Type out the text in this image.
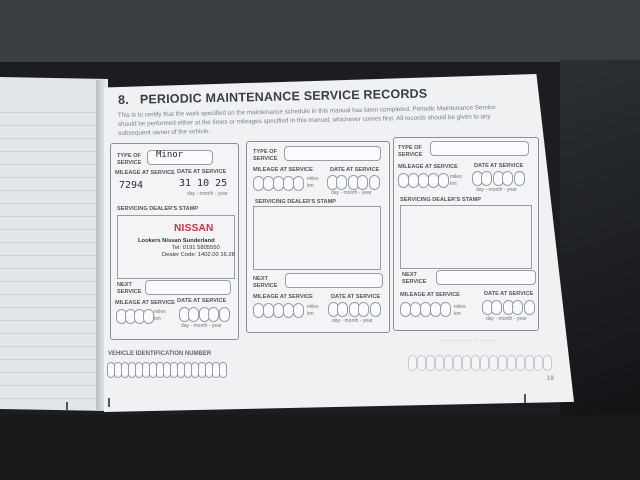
8. PERIODIC MAINTENANCE SERVICE RECORDS
This is to certify that the work specified on the maintenance schedule in this manual has been completed. Periodic Maintenance Service should be performed either at the times or mileages specified in this manual, whichever comes first. All records should be given to any subsequent owner of the vehicle.
TYPE OF SERVICE
Minor
MILEAGE AT SERVICE DATE AT SERVICE
7294	31 10 25
day - month - year
SERVICING DEALER'S STAMP
NISSAN
Lookers Nissan Sunderland
Tel: 0191 5805550
Dealer Code: 1402.00 16.28
NEXT SERVICE
MILEAGE AT SERVICE DATE AT SERVICE
miles
km
day - month - year
TYPE OF SERVICE
MILEAGE AT SERVICE	DATE AT SERVICE
miles
km
day - month - year
SERVICING DEALER'S STAMP
NEXT SERVICE
MILEAGE AT SERVICE	DATE AT SERVICE
miles
km
day - month - year
TYPE OF SERVICE
MILEAGE AT SERVICE	DATE AT SERVICE
miles
km
day - month - year
SERVICING DEALER'S STAMP
NEXT SERVICE
MILEAGE AT SERVICE	DATE AT SERVICE
miles
km
day - month - year
VEHICLE IDENTIFICATION NUMBER
— — — — — — — — —
19
